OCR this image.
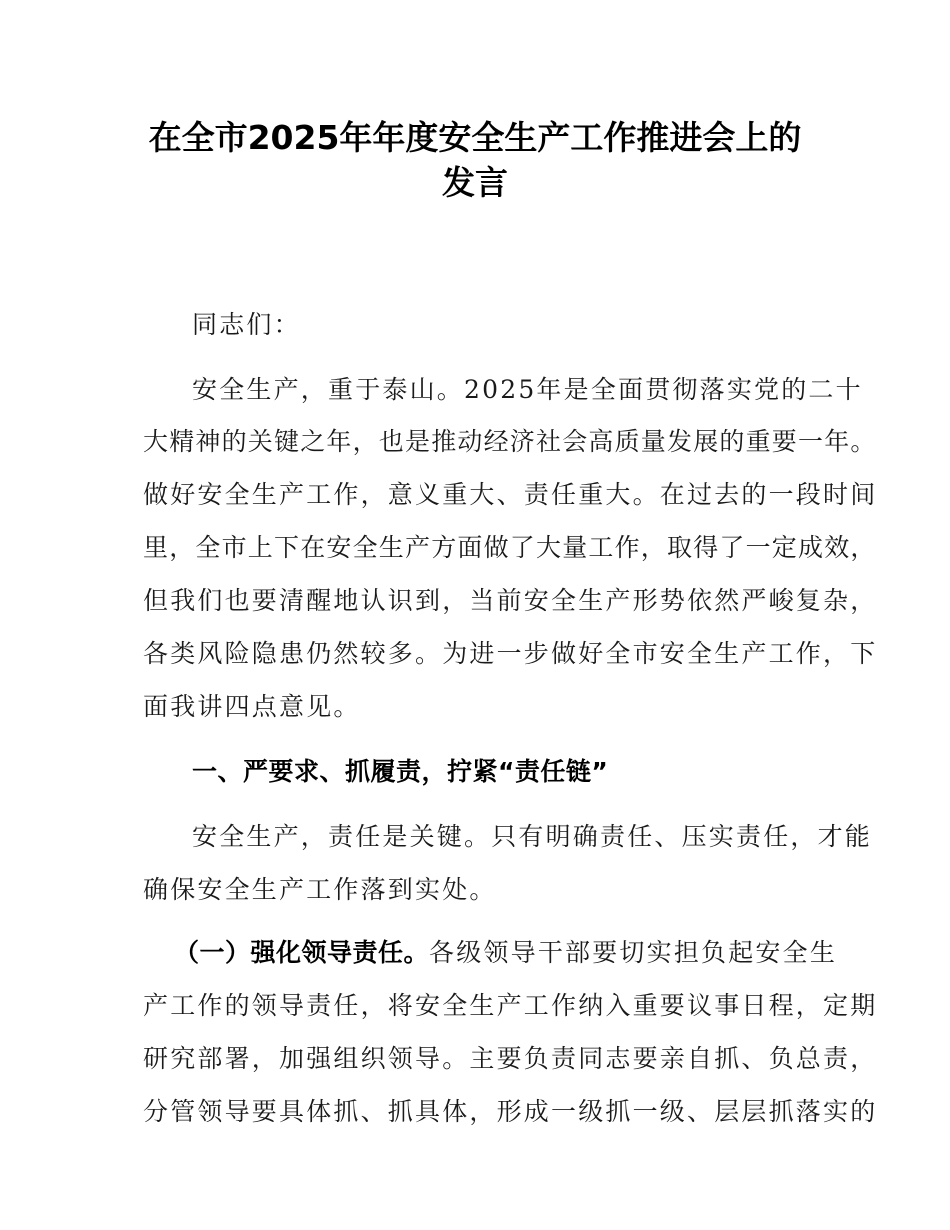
在全市2025年年度安全生产工作推进会上的
发言
同志们：
安全生产，重于泰山。2025年是全面贯彻落实党的二十
大精神的关键之年，也是推动经济社会高质量发展的重要一年。
做好安全生产工作，意义重大、责任重大。在过去的一段时间
里，全市上下在安全生产方面做了大量工作，取得了一定成效，
但我们也要清醒地认识到，当前安全生产形势依然严峻复杂，
各类风险隐患仍然较多。为进一步做好全市安全生产工作，下
面我讲四点意见。
一、严要求、抓履责，拧紧“责任链”
安全生产，责任是关键。只有明确责任、压实责任，才能
确保安全生产工作落到实处。
（一）强化领导责任。各级领导干部要切实担负起安全生
产工作的领导责任，将安全生产工作纳入重要议事日程，定期
研究部署，加强组织领导。主要负责同志要亲自抓、负总责，
分管领导要具体抓、抓具体，形成一级抓一级、层层抓落实的
